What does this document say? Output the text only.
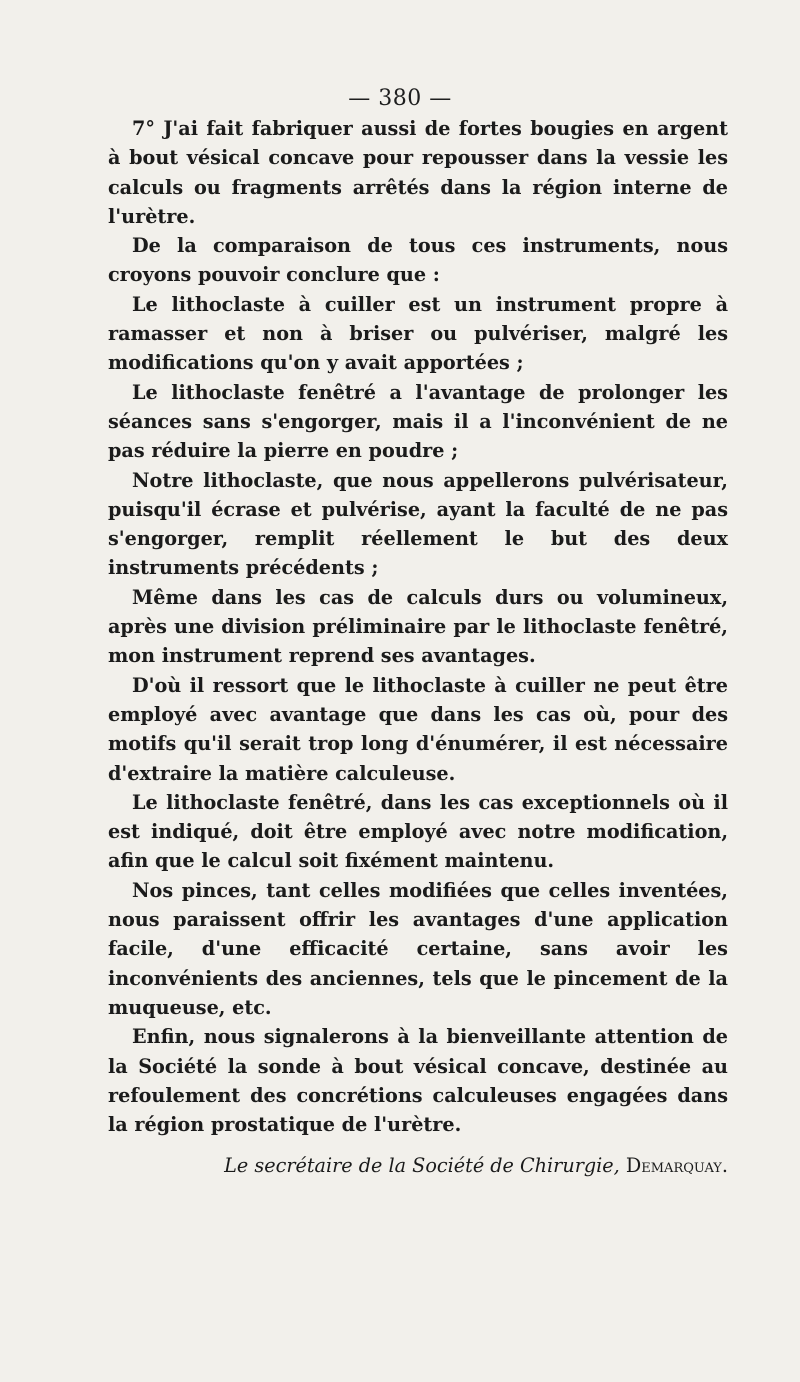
— 380 —

7° J'ai fait fabriquer aussi de fortes bougies en argent à bout vésical concave pour repousser dans la vessie les calculs ou fragments arrêtés dans la région interne de l'urètre.

De la comparaison de tous ces instruments, nous croyons pouvoir conclure que :

Le lithoclaste à cuiller est un instrument propre à ramasser et non à briser ou pulvériser, malgré les modifications qu'on y avait apportées ;

Le lithoclaste fenêtré a l'avantage de prolonger les séances sans s'engorger, mais il a l'inconvénient de ne pas réduire la pierre en poudre ;

Notre lithoclaste, que nous appellerons pulvérisateur, puisqu'il écrase et pulvérise, ayant la faculté de ne pas s'engorger, remplit réellement le but des deux instruments précédents ;

Même dans les cas de calculs durs ou volumineux, après une division préliminaire par le lithoclaste fenêtré, mon instrument reprend ses avantages.

D'où il ressort que le lithoclaste à cuiller ne peut être employé avec avantage que dans les cas où, pour des motifs qu'il serait trop long d'énumérer, il est nécessaire d'extraire la matière calculeuse.

Le lithoclaste fenêtré, dans les cas exceptionnels où il est indiqué, doit être employé avec notre modification, afin que le calcul soit fixément maintenu.

Nos pinces, tant celles modifiées que celles inventées, nous paraissent offrir les avantages d'une application facile, d'une efficacité certaine, sans avoir les inconvénients des anciennes, tels que le pincement de la muqueuse, etc.

Enfin, nous signalerons à la bienveillante attention de la Société la sonde à bout vésical concave, destinée au refoulement des concrétions calculeuses engagées dans la région prostatique de l'urètre.

Le secrétaire de la Société de Chirurgie, Demarquay.
